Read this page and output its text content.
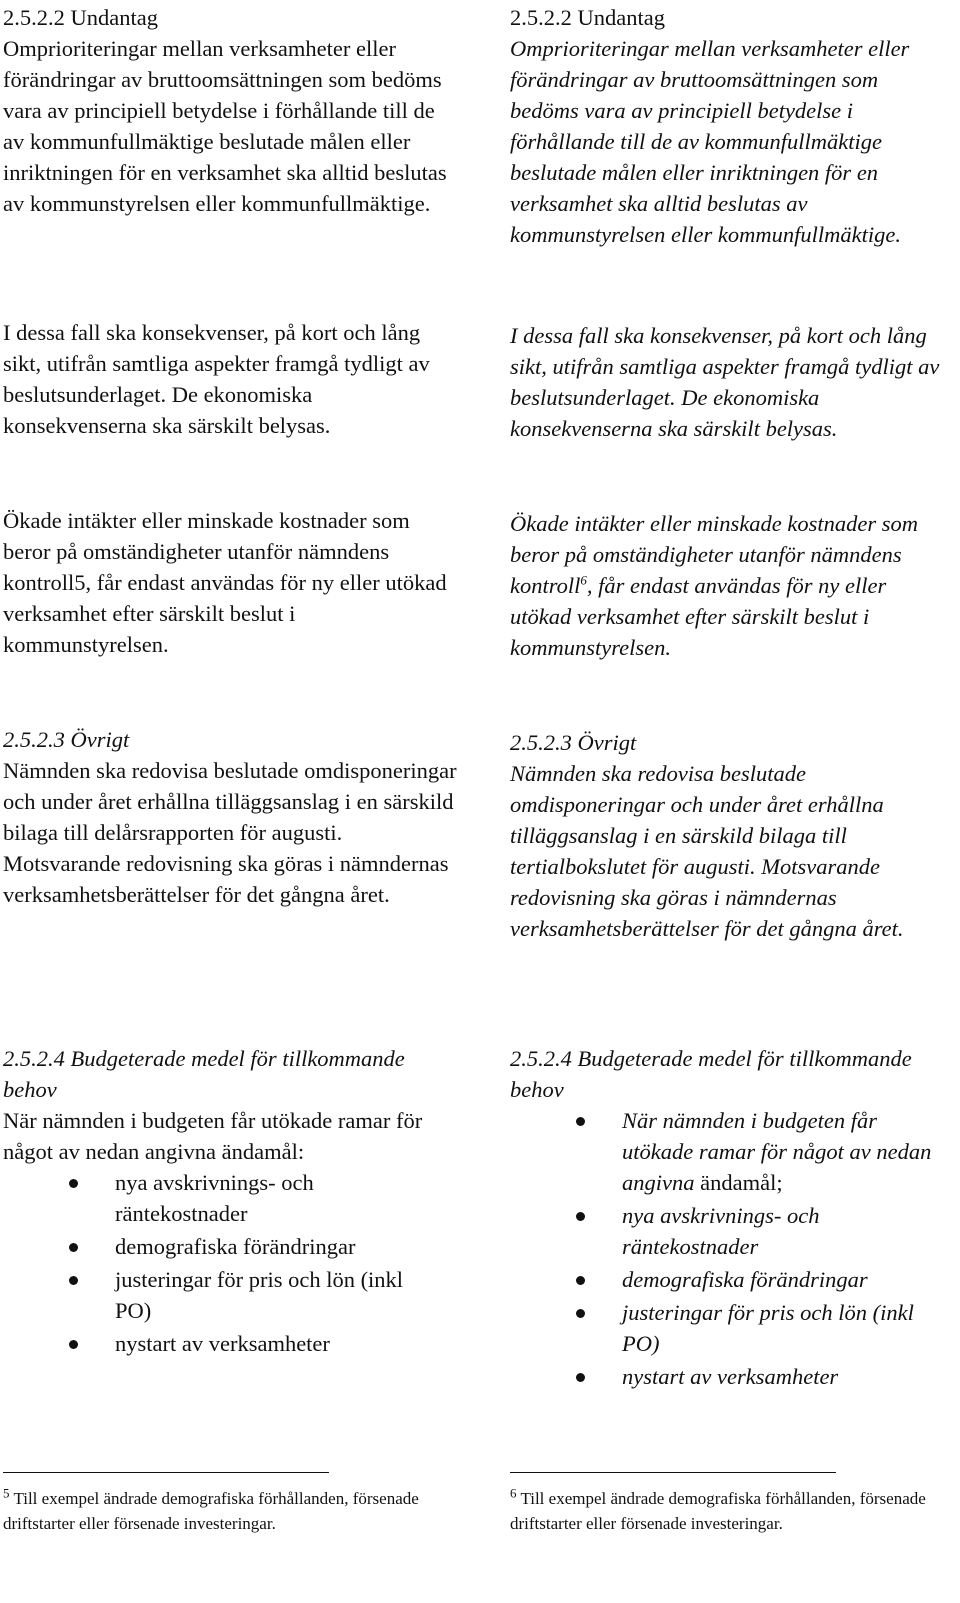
2.5.2.2 Undantag

Omprioriteringar mellan verksamheter eller förändringar av bruttoomsättningen som bedöms vara av principiell betydelse i förhållande till de av kommunfullmäktige beslutade målen eller inriktningen för en verksamhet ska alltid beslutas av kommunstyrelsen eller kommunfullmäktige.

I dessa fall ska konsekvenser, på kort och lång sikt, utifrån samtliga aspekter framgå tydligt av beslutsunderlaget. De ekonomiska konsekvenserna ska särskilt belysas.

Ökade intäkter eller minskade kostnader som beror på omständigheter utanför nämndens kontroll5, får endast användas för ny eller utökad verksamhet efter särskilt beslut i kommunstyrelsen.

2.5.2.3 Övrigt

Nämnden ska redovisa beslutade omdisponeringar och under året erhållna tilläggsanslag i en särskild bilaga till delårsrapporten för augusti. Motsvarande redovisning ska göras i nämndernas verksamhetsberättelser för det gångna året.

2.5.2.4 Budgeterade medel för tillkommande behov

När nämnden i budgeten får utökade ramar för något av nedan angivna ändamål:

nya avskrivnings- och räntekostnader
demografiska förändringar
justeringar för pris och lön (inkl PO)
nystart av verksamheter

$^5$ Till exempel ändrade demografiska förhållanden, försenade driftstarter eller försenade investeringar.

2.5.2.2 Undantag

Omprioriteringar mellan verksamheter eller förändringar av bruttoomsättningen som bedöms vara av principiell betydelse i förhållande till de av kommunfullmäktige beslutade målen eller inriktningen för en verksamhet ska alltid beslutas av kommunstyrelsen eller kommunfullmäktige.

I dessa fall ska konsekvenser, på kort och lång sikt, utifrån samtliga aspekter framgå tydligt av beslutsunderlaget. De ekonomiska konsekvenserna ska särskilt belysas.

Ökade intäkter eller minskade kostnader som beror på omständigheter utanför nämndens kontroll$^6$, får endast användas för ny eller utökad verksamhet efter särskilt beslut i kommunstyrelsen.

2.5.2.3 Övrigt

Nämnden ska redovisa beslutade omdisponeringar och under året erhållna tilläggsanslag i en särskild bilaga till tertialbokslutet för augusti. Motsvarande redovisning ska göras i nämndernas verksamhetsberättelser för det gångna året.

2.5.2.4 Budgeterade medel för tillkommande behov

När nämnden i budgeten får utökade ramar för något av nedan angivna ändamål;
nya avskrivnings- och räntekostnader
demografiska förändringar
justeringar för pris och lön (inkl PO)
nystart av verksamheter

$^6$ Till exempel ändrade demografiska förhållanden, försenade driftstarter eller försenade investeringar.
